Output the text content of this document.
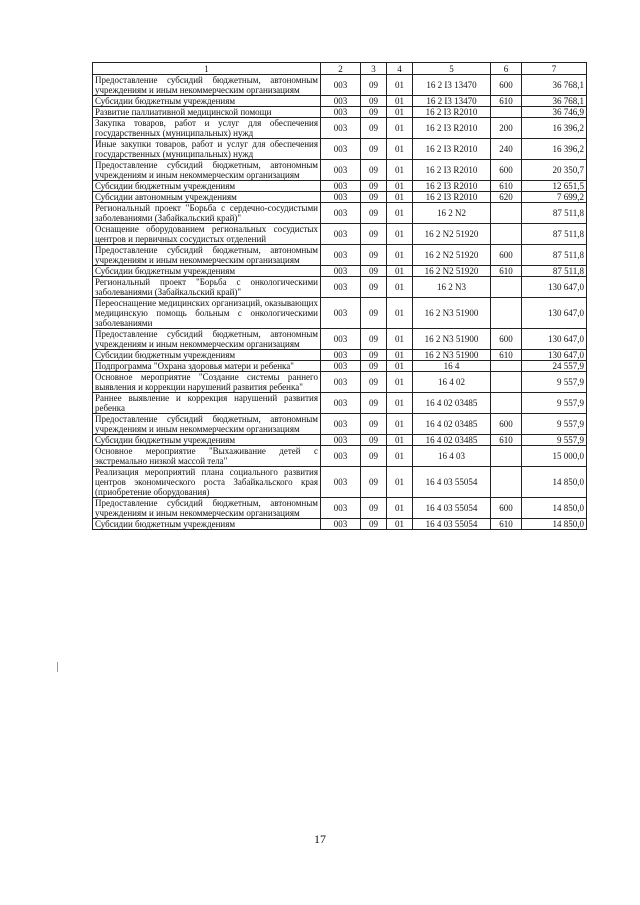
1	2	3	4	5	6	7
Предоставление субсидий бюджетным, автономным учреждениям и иным некоммерческим организациям	003	09	01	16 2 I3 13470	600	36 768,1
Субсидии бюджетным учреждениям	003	09	01	16 2 I3 13470	610	36 768,1
Развитие паллиативной медицинской помощи	003	09	01	16 2 I3 R2010		36 746,9
Закупка товаров, работ и услуг для обеспечения государственных (муниципальных) нужд	003	09	01	16 2 I3 R2010	200	16 396,2
Иные закупки товаров, работ и услуг для обеспечения государственных (муниципальных) нужд	003	09	01	16 2 I3 R2010	240	16 396,2
Предоставление субсидий бюджетным, автономным учреждениям и иным некоммерческим организациям	003	09	01	16 2 I3 R2010	600	20 350,7
Субсидии бюджетным учреждениям	003	09	01	16 2 I3 R2010	610	12 651,5
Субсидии автономным учреждениям	003	09	01	16 2 I3 R2010	620	7 699,2
Региональный проект "Борьба с сердечно-сосудистыми заболеваниями (Забайкальский край)"	003	09	01	16 2 N2		87 511,8
Оснащение оборудованием региональных сосудистых центров и первичных сосудистых отделений	003	09	01	16 2 N2 51920		87 511,8
Предоставление субсидий бюджетным, автономным учреждениям и иным некоммерческим организациям	003	09	01	16 2 N2 51920	600	87 511,8
Субсидии бюджетным учреждениям	003	09	01	16 2 N2 51920	610	87 511,8
Региональный проект "Борьба с онкологическими заболеваниями (Забайкальский край)"	003	09	01	16 2 N3		130 647,0
Переоснащение медицинских организаций, оказывающих медицинскую помощь больным с онкологическими заболеваниями	003	09	01	16 2 N3 51900		130 647,0
Предоставление субсидий бюджетным, автономным учреждениям и иным некоммерческим организациям	003	09	01	16 2 N3 51900	600	130 647,0
Субсидии бюджетным учреждениям	003	09	01	16 2 N3 51900	610	130 647,0
Подпрограмма "Охрана здоровья матери и ребенка"	003	09	01	16 4		24 557,9
Основное мероприятие "Создание системы раннего выявления и коррекции нарушений развития ребенка"	003	09	01	16 4 02		9 557,9
Раннее выявление и коррекция нарушений развития ребенка	003	09	01	16 4 02 03485		9 557,9
Предоставление субсидий бюджетным, автономным учреждениям и иным некоммерческим организациям	003	09	01	16 4 02 03485	600	9 557,9
Субсидии бюджетным учреждениям	003	09	01	16 4 02 03485	610	9 557,9
Основное мероприятие "Выхаживание детей с экстремально низкой массой тела"	003	09	01	16 4 03		15 000,0
Реализация мероприятий плана социального развития центров экономического роста Забайкальского края (приобретение оборудования)	003	09	01	16 4 03 55054		14 850,0
Предоставление субсидий бюджетным, автономным учреждениям и иным некоммерческим организациям	003	09	01	16 4 03 55054	600	14 850,0
Субсидии бюджетным учреждениям	003	09	01	16 4 03 55054	610	14 850,0
17
